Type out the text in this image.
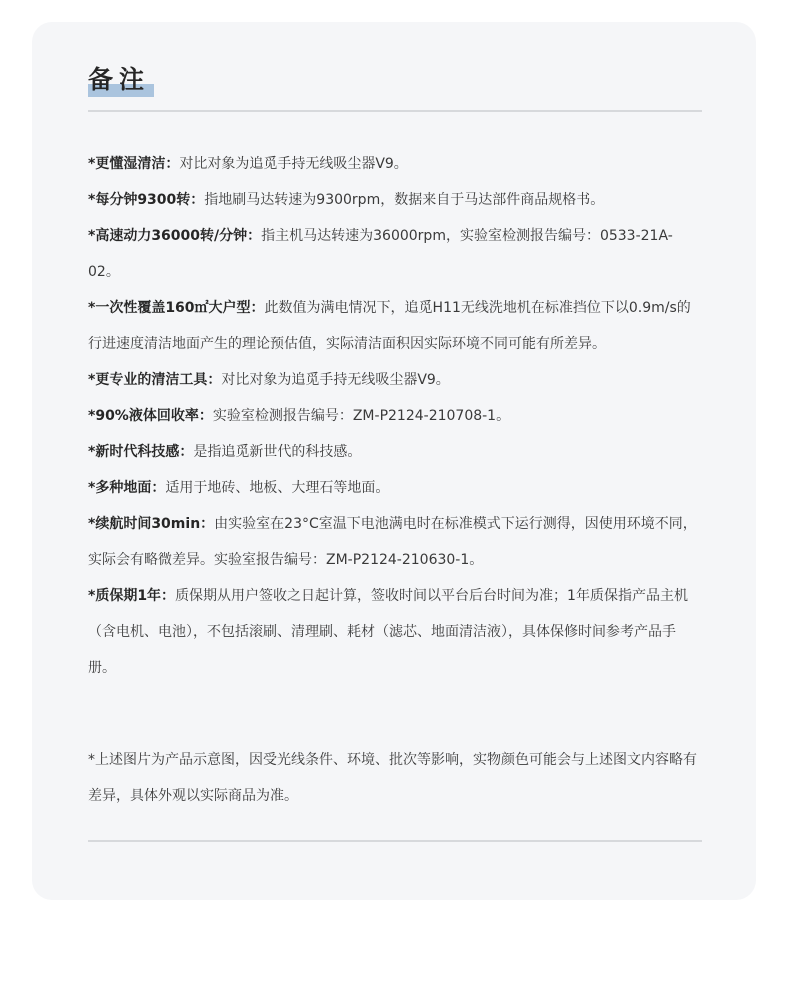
备注

*更懂湿清洁：对比对象为追觅手持无线吸尘器V9。

*每分钟9300转：指地刷马达转速为9300rpm，数据来自于马达部件商品规格书。

*高速动力36000转/分钟：指主机马达转速为36000rpm，实验室检测报告编号：0533-21A-02。

*一次性覆盖160㎡大户型：此数值为满电情况下，追觅H11无线洗地机在标准挡位下以0.9m/s的行进速度清洁地面产生的理论预估值，实际清洁面积因实际环境不同可能有所差异。

*更专业的清洁工具：对比对象为追觅手持无线吸尘器V9。

*90%液体回收率：实验室检测报告编号：ZM-P2124-210708-1。

*新时代科技感：是指追觅新世代的科技感。

*多种地面：适用于地砖、地板、大理石等地面。

*续航时间30min：由实验室在23°C室温下电池满电时在标准模式下运行测得，因使用环境不同，实际会有略微差异。实验室报告编号：ZM-P2124-210630-1。

*质保期1年：质保期从用户签收之日起计算，签收时间以平台后台时间为准；1年质保指产品主机（含电机、电池），不包括滚刷、清理刷、耗材（滤芯、地面清洁液），具体保修时间参考产品手册。

*上述图片为产品示意图，因受光线条件、环境、批次等影响，实物颜色可能会与上述图文内容略有差异，具体外观以实际商品为准。
